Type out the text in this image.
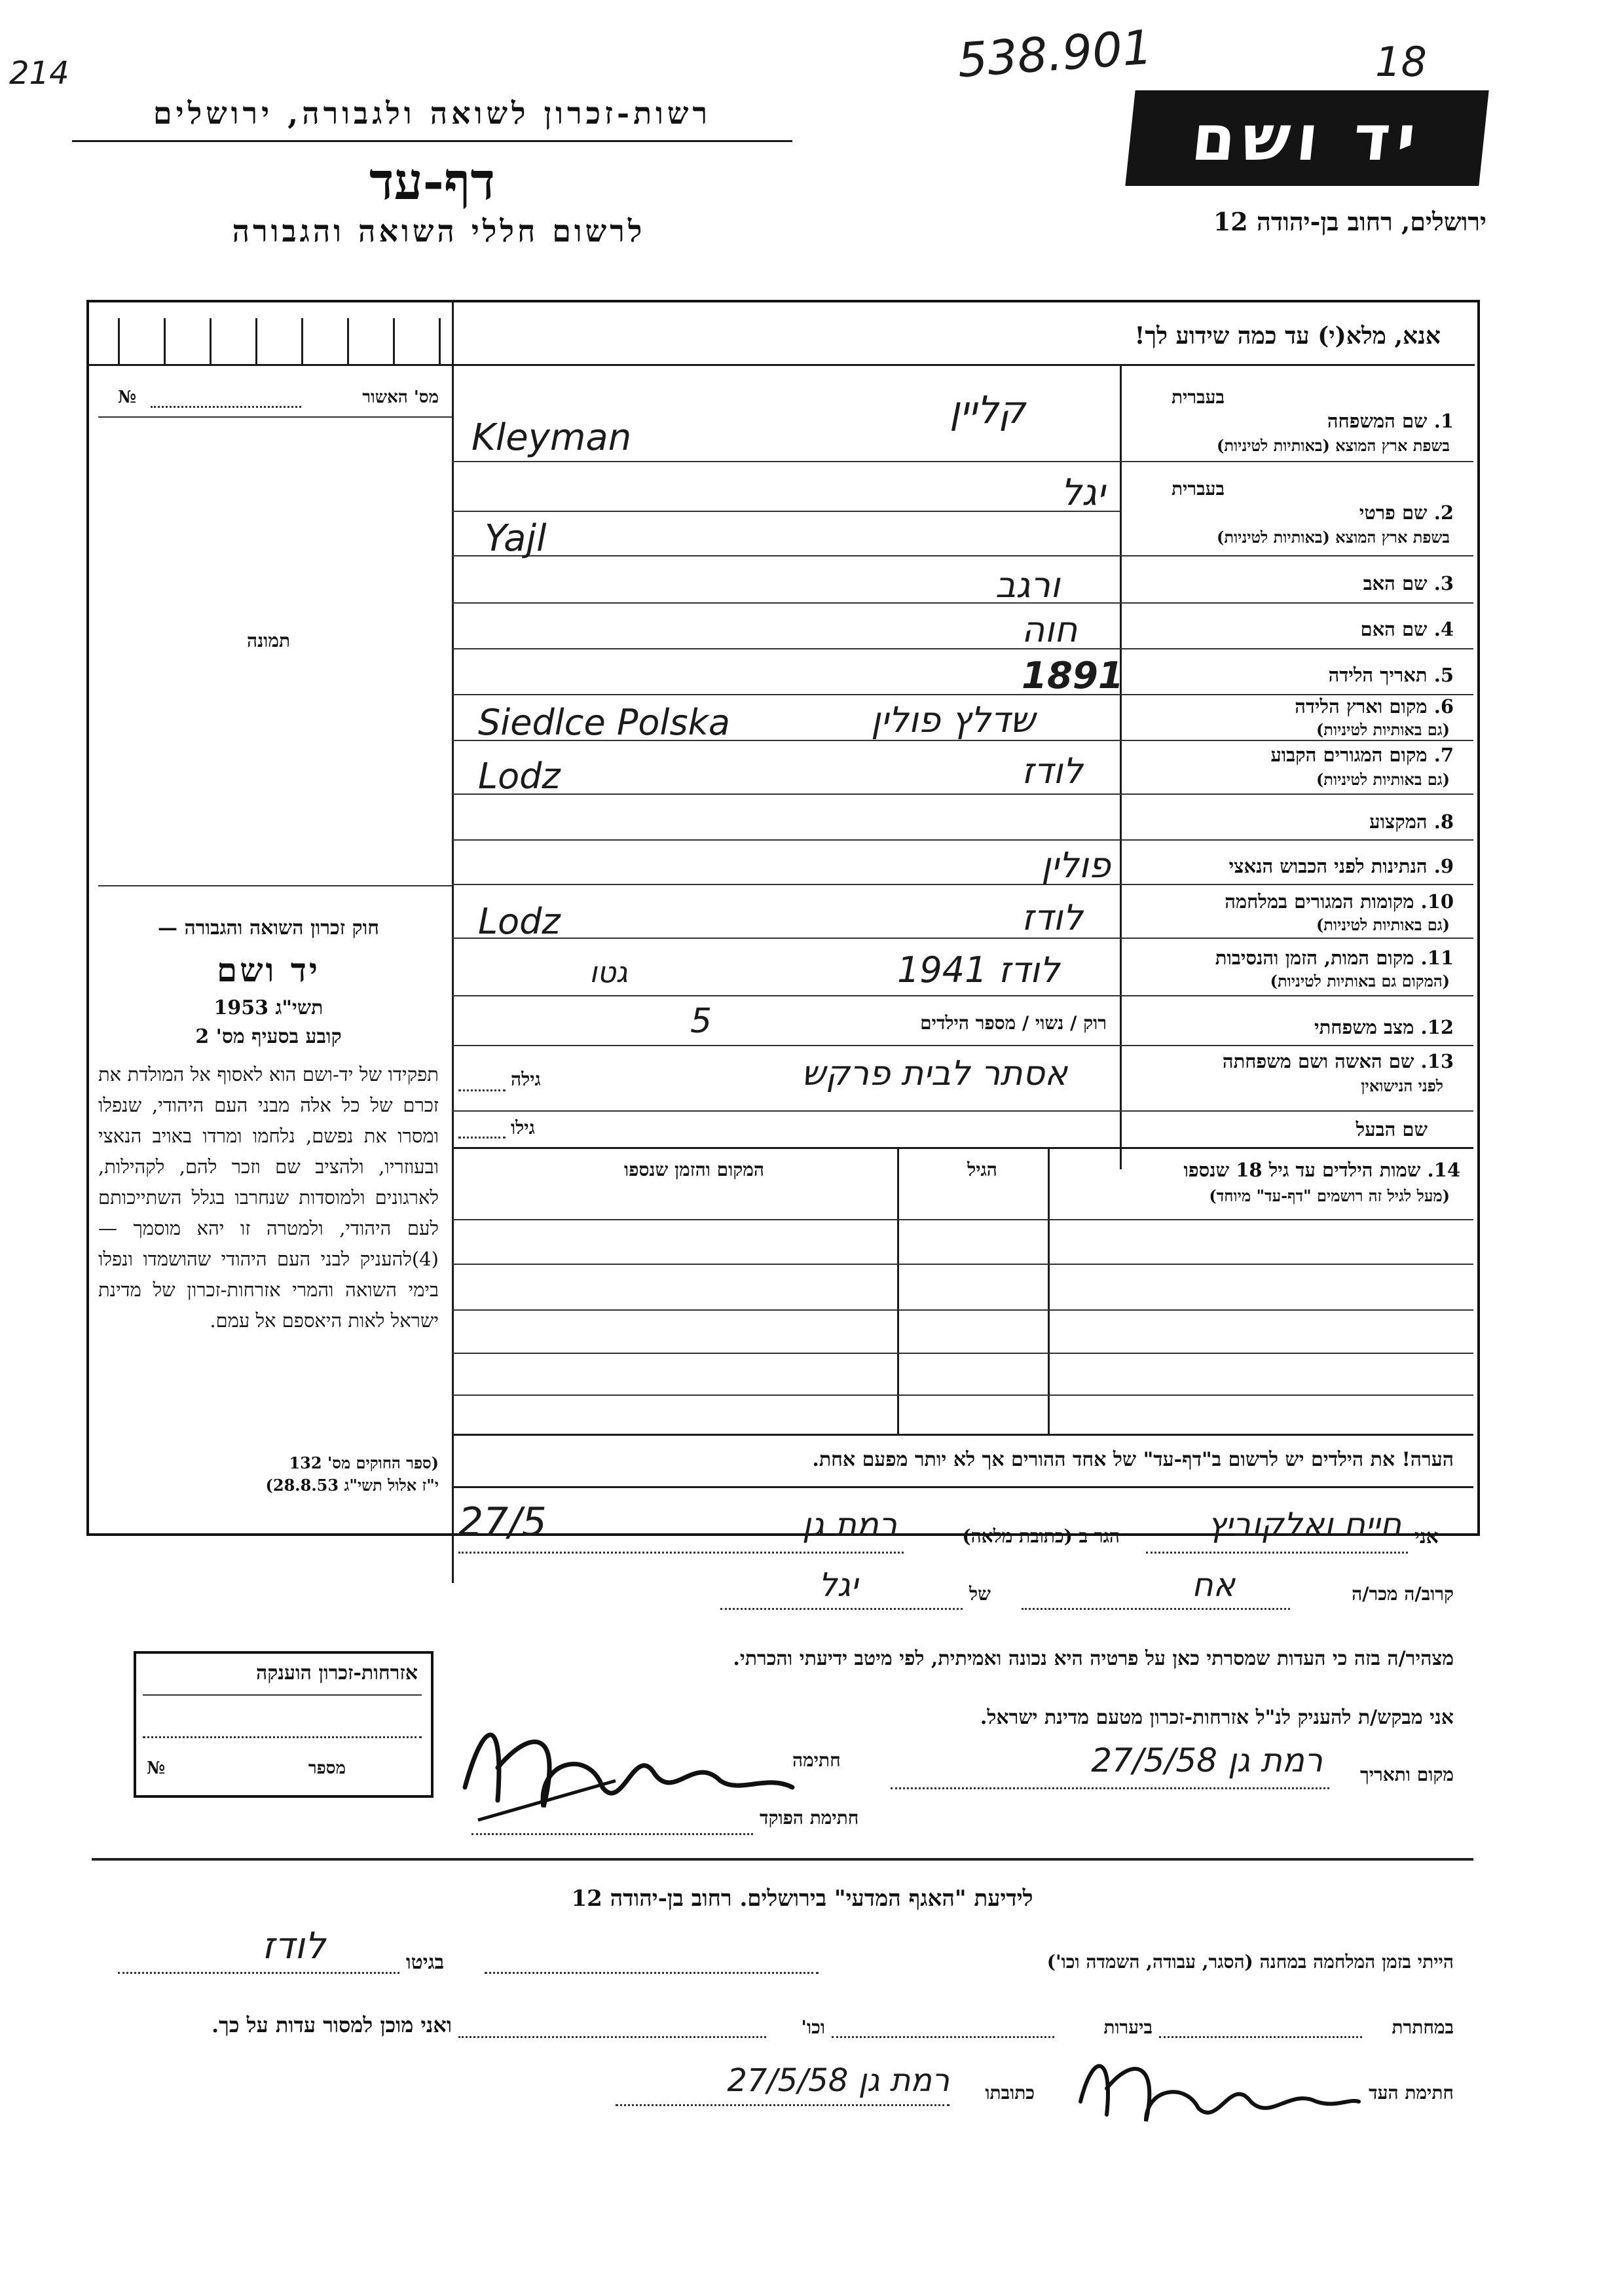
214	538.901	18
רשות-זכרון לשואה ולגבורה, ירושלים
דף-עד
לרשום חללי השואה והגבורה
יד ושם
ירושלים, רחוב בן-יהודה 12
אנא, מלא(י) עד כמה שידוע לך!
מס' האשור
№
תמונה
חוק זכרון השואה והגבורה —
יד ושם
תשי"ג 1953
קובע בסעיף מס' 2
תפקידו של יד-ושם הוא לאסוף אל המולדת את זכרם של כל אלה מבני העם היהודי, שנפלו ומסרו את נפשם, נלחמו ומרדו באויב הנאצי ובעוזריו, ולהציב שם וזכר להם, לקהילות, לארגונים ולמוסדות שנחרבו בגלל השתייכותם לעם היהודי, ולמטרה זו יהא מוסמך — (4)להעניק לבני העם היהודי שהושמדו ונפלו בימי השואה והמרי אזרחות-זכרון של מדינת ישראל לאות היאספם אל עמם.
(ספר החוקים מס' 132
י"ז אלול תשי"ג 28.8.53)
בעברית
בעברית
1. שם המשפחה
בשפת ארץ המוצא (באותיות לטיניות)
קליין
Kleyman
2. שם פרטי
בשפת ארץ המוצא (באותיות לטיניות)
יגל
Yajl
3. שם האב
ורגב
4. שם האם
חוה
5. תאריך הלידה
1891
6. מקום וארץ הלידה
(גם באותיות לטיניות)
שדלץ פולין
Siedlce Polska
7. מקום המגורים הקבוע
(גם באותיות לטיניות)
לודז
Lodz
8. המקצוע
9. הנתינות לפני הכבוש הנאצי
פולין
10. מקומות המגורים במלחמה
(גם באותיות לטיניות)
לודז
Lodz
11. מקום המות, הזמן והנסיבות
(המקום גם באותיות לטיניות)
לודז 1941
גטו
12. מצב משפחתי
רוק / נשוי / מספר הילדים
5
13. שם האשה ושם משפחתה
לפני הנישואין
אסתר לבית פרקש
גילה
שם הבעל
גילו
14. שמות הילדים עד גיל 18 שנספו
(מעל לגיל זה רושמים "דף-עד" מיוחד)
הגיל
המקום והזמן שנספו
הערה! את הילדים יש לרשום ב"דף-עד" של אחד ההורים אך לא יותר מפעם אחת.
אני
חיים ואלקוביץ
הגר ב (כתובת מלאה)
רמת גן
27/5
קרוב/ה מכר/ה
אח
של
יגל
מצהיר/ה בזה כי העדות שמסרתי כאן על פרטיה היא נכונה ואמיתית, לפי מיטב ידיעתי והכרתי.
אני מבקש/ת להעניק לנ"ל אזרחות-זכרון מטעם מדינת ישראל.
מקום ותאריך
רמת גן 27/5/58
חתימה
חתימת הפוקד
אזרחות-זכרון הוענקה
מספר
№
לידיעת "האגף המדעי" בירושלים. רחוב בן-יהודה 12
הייתי בזמן המלחמה במחנה (הסגר, עבודה, השמדה וכו')
בגיטו
לודז
במחתרת
ביערות
וכו'
ואני מוכן למסור עדות על כך.
חתימת העד
כתובתו
רמת גן 27/5/58
